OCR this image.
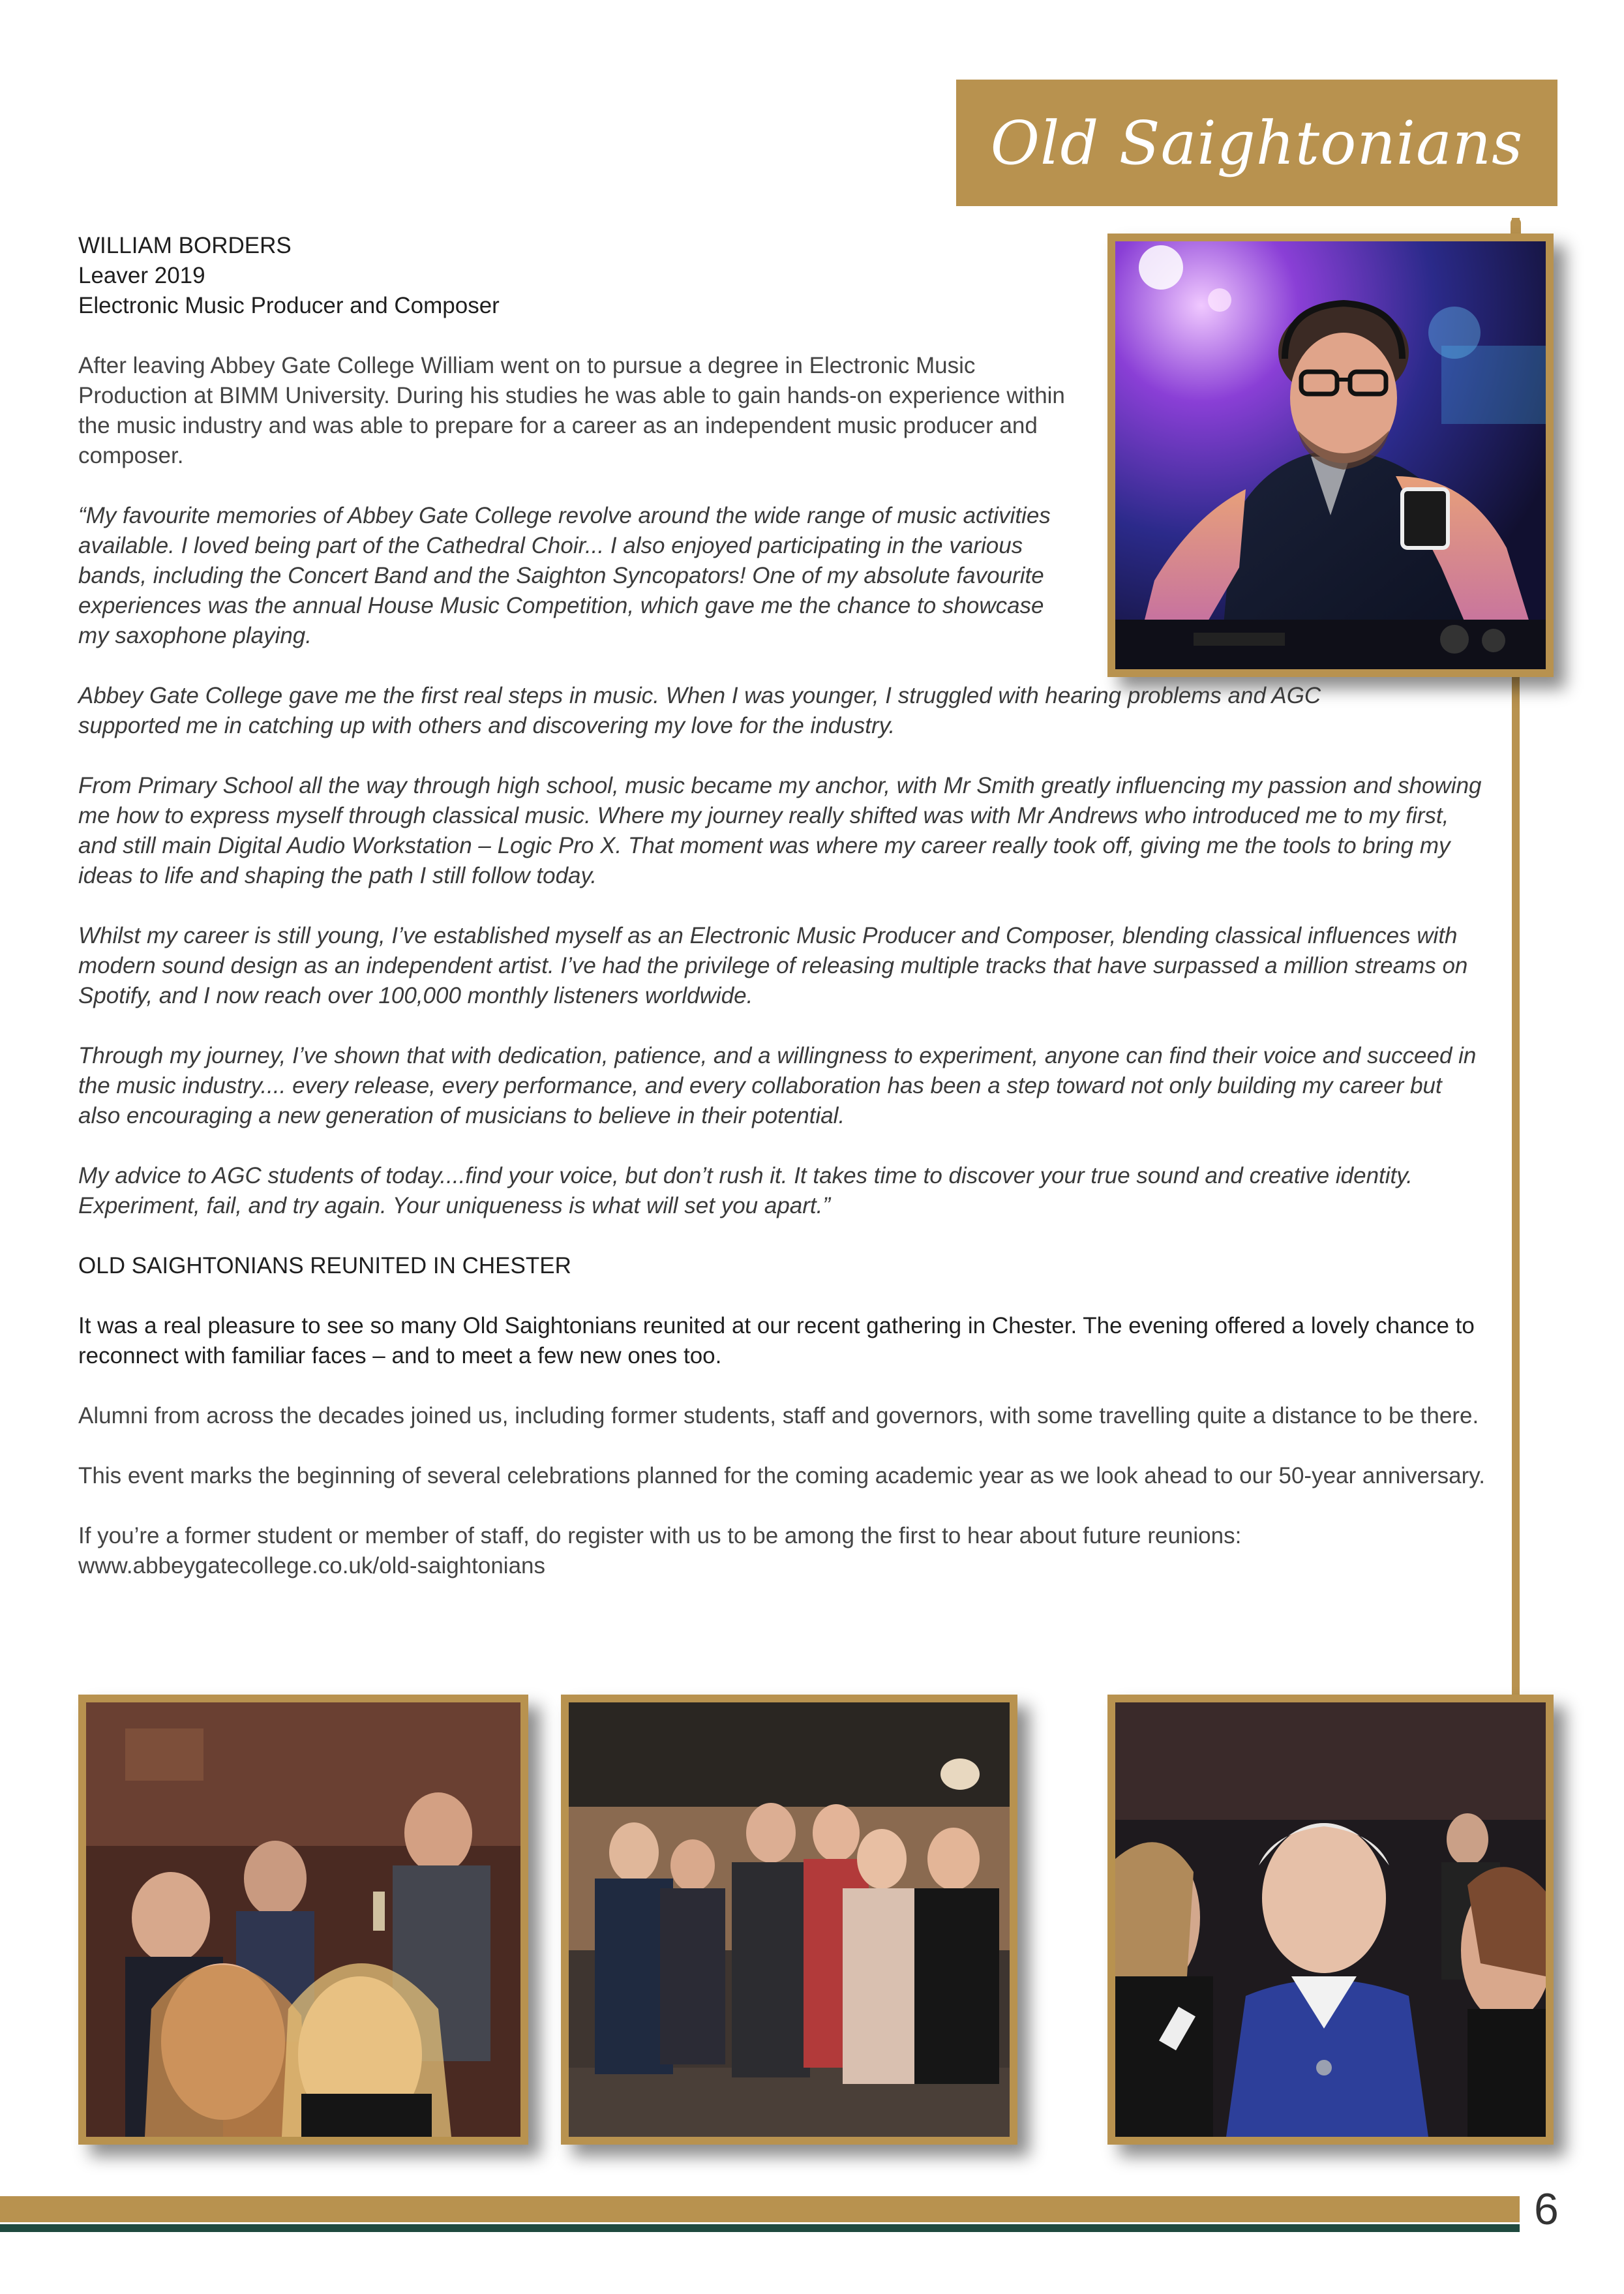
Old Saightonians
WILLIAM BORDERS
Leaver 2019
Electronic Music Producer and Composer
After leaving Abbey Gate College William went on to pursue a degree in Electronic Music Production at BIMM University. During his studies he was able to gain hands-on experience within the music industry and was able to prepare for a career as an independent music producer and composer.
“My favourite memories of Abbey Gate College revolve around the wide range of music activities available. I loved being part of the Cathedral Choir... I also enjoyed participating in the various bands, including the Concert Band and the Saighton Syncopators! One of my absolute favourite experiences was the annual House Music Competition, which gave me the chance to showcase my saxophone playing.
Abbey Gate College gave me the first real steps in music. When I was younger, I struggled with hearing problems and AGC supported me in catching up with others and discovering my love for the industry.
From Primary School all the way through high school, music became my anchor, with Mr Smith greatly influencing my passion and showing me how to express myself through classical music. Where my journey really shifted was with Mr Andrews who introduced me to my first, and still main Digital Audio Workstation – Logic Pro X. That moment was where my career really took off, giving me the tools to bring my ideas to life and shaping the path I still follow today.
Whilst my career is still young, I’ve established myself as an Electronic Music Producer and Composer, blending classical influences with modern sound design as an independent artist. I’ve had the privilege of releasing multiple tracks that have surpassed a million streams on Spotify, and I now reach over 100,000 monthly listeners worldwide.
Through my journey, I’ve shown that with dedication, patience, and a willingness to experiment, anyone can find their voice and succeed in the music industry.... every release, every performance, and every collaboration has been a step toward not only building my career but also encouraging a new generation of musicians to believe in their potential.
My advice to AGC students of today....find your voice, but don’t rush it. It takes time to discover your true sound and creative identity. Experiment, fail, and try again. Your uniqueness is what will set you apart.”
OLD SAIGHTONIANS REUNITED IN CHESTER
It was a real pleasure to see so many Old Saightonians reunited at our recent gathering in Chester. The evening offered a lovely chance to reconnect with familiar faces – and to meet a few new ones too.
Alumni from across the decades joined us, including former students, staff and governors, with some travelling quite a distance to be there.
This event marks the beginning of several celebrations planned for the coming academic year as we look ahead to our 50-year anniversary.
If you’re a former student or member of staff, do register with us to be among the first to hear about future reunions:
www.abbeygatecollege.co.uk/old-saightonians
6
